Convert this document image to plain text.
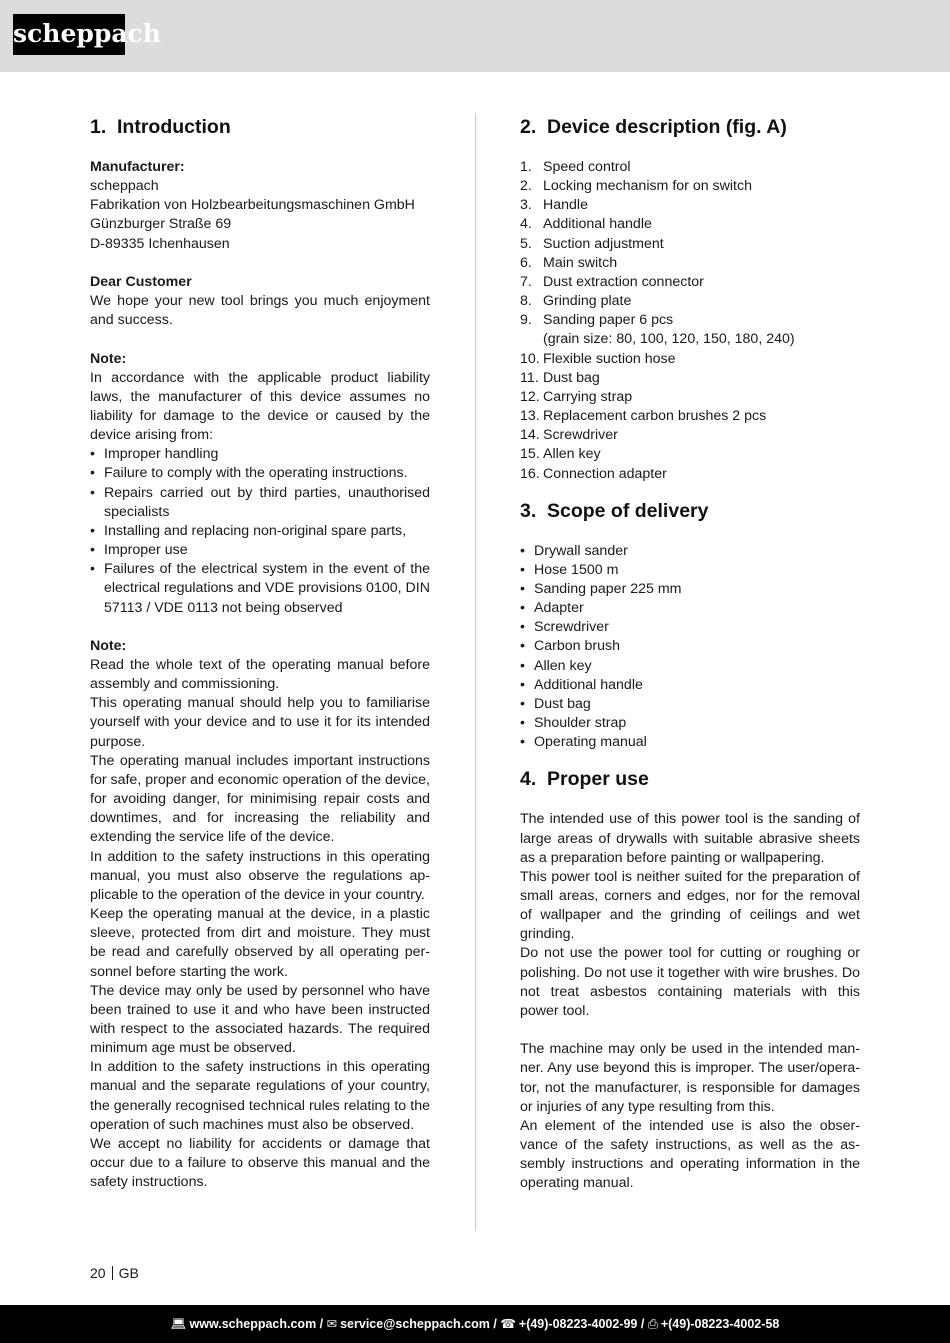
scheppach
1. Introduction

Manufacturer:

scheppach

Fabrikation von Holzbearbeitungsmaschinen GmbH

Günzburger Straße 69

D-89335 Ichenhausen

Dear Customer

We hope your new tool brings you much enjoyment and success.

Note:

In accordance with the applicable product liability laws, the manufacturer of this device assumes no liability for damage to the device or caused by the device arising from:

• Improper handling
• Failure to comply with the operating instructions.
• Repairs carried out by third parties, unauthorised specialists
• Installing and replacing non-original spare parts,
• Improper use
• Failures of the electrical system in the event of the electrical regulations and VDE provisions 0100, DIN 57113 / VDE 0113 not being observed

Note:

Read the whole text of the operating manual before assembly and commissioning.

This operating manual should help you to familiarise yourself with your device and to use it for its intended purpose.

The operating manual includes important instructions for safe, proper and economic operation of the device, for avoiding danger, for minimising repair costs and downtimes, and for increasing the reliability and extending the service life of the device.

In addition to the safety instructions in this operating manual, you must also observe the regulations applicable to the operation of the device in your country.

Keep the operating manual at the device, in a plastic sleeve, protected from dirt and moisture. They must be read and carefully observed by all operating personnel before starting the work.

The device may only be used by personnel who have been trained to use it and who have been instructed with respect to the associated hazards. The required minimum age must be observed.

In addition to the safety instructions in this operating manual and the separate regulations of your country, the generally recognised technical rules relating to the operation of such machines must also be observed.

We accept no liability for accidents or damage that occur due to a failure to observe this manual and the safety instructions.

2. Device description (fig. A)
1. Speed control
2. Locking mechanism for on switch
3. Handle
4. Additional handle
5. Suction adjustment
6. Main switch
7. Dust extraction connector
8. Grinding plate
9. Sanding paper 6 pcs
(grain size: 80, 100, 120, 150, 180, 240)
10. Flexible suction hose
11. Dust bag
12. Carrying strap
13. Replacement carbon brushes 2 pcs
14. Screwdriver
15. Allen key
16. Connection adapter
3. Scope of delivery
• Drywall sander
• Hose 1500 m
• Sanding paper 225 mm
• Adapter
• Screwdriver
• Carbon brush
• Allen key
• Additional handle
• Dust bag
• Shoulder strap
• Operating manual
4. Proper use

The intended use of this power tool is the sanding of large areas of drywalls with suitable abrasive sheets as a preparation before painting or wallpapering.

This power tool is neither suited for the preparation of small areas, corners and edges, nor for the removal of wallpaper and the grinding of ceilings and wet grinding.

Do not use the power tool for cutting or roughing or polishing. Do not use it together with wire brushes. Do not treat asbestos containing materials with this power tool.

The machine may only be used in the intended manner. Any use beyond this is improper. The user/operator, not the manufacturer, is responsible for damages or injuries of any type resulting from this.

An element of the intended use is also the observance of the safety instructions, as well as the assembly instructions and operating information in the operating manual.

20 GB
💻︎ www.scheppach.com / ✉︎ service@scheppach.com / ☎︎ +(49)-08223-4002-99 / ⎙ +(49)-08223-4002-58
